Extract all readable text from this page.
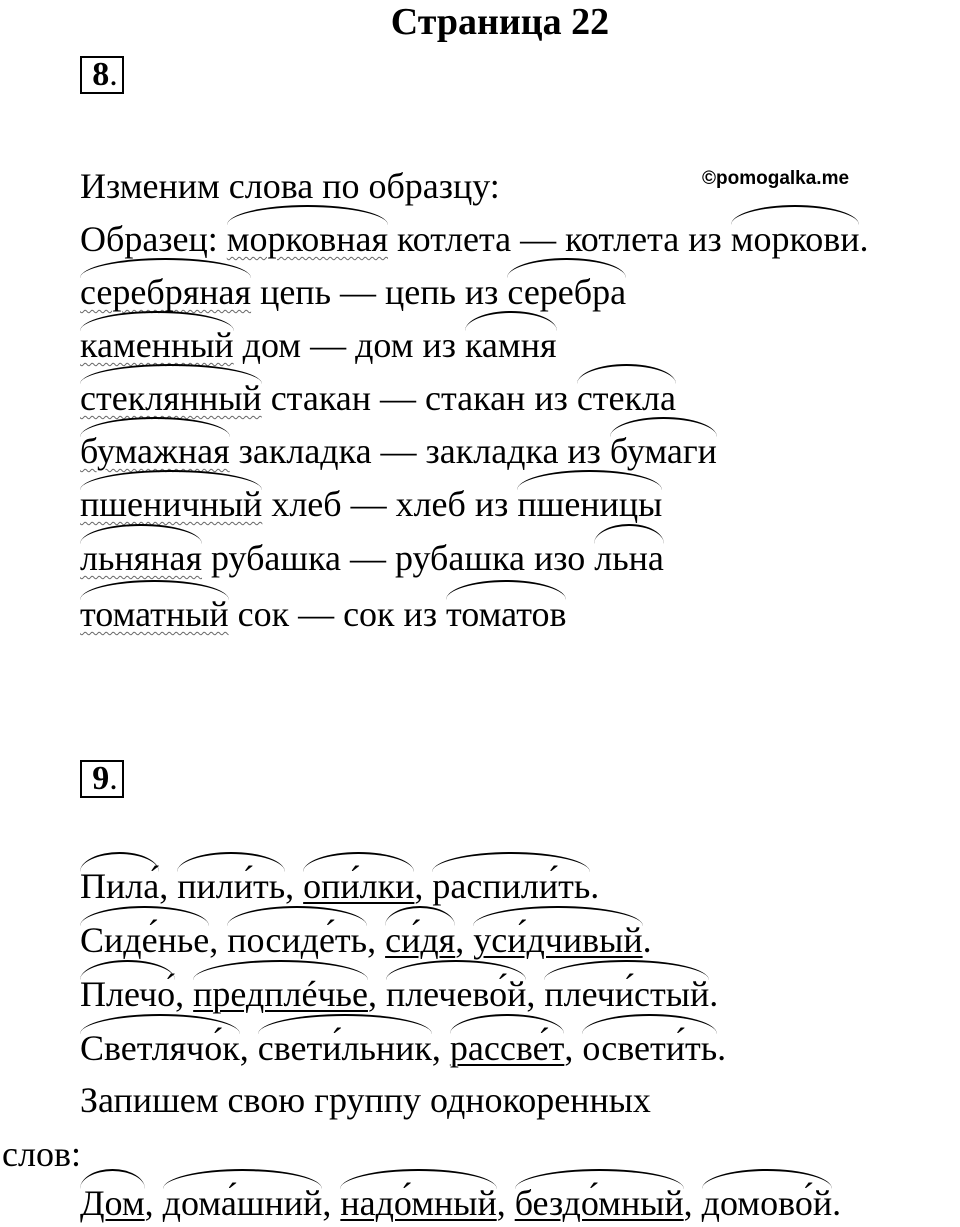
Страница 22
8.
©pomogalka.me
Изменим слова по образцу:
Образец: морковная котлета — котлета из моркови.
серебряная цепь — цепь из серебра
каменный дом — дом из камня
стеклянный стакан — стакан из стекла
бумажная закладка — закладка из бумаги
пшеничный хлеб — хлеб из пшеницы
льняная рубашка — рубашка изо льна
томатный сок — сок из томатов
9.
Пила́,
пили́ть,
опи́лки,
распили́ть.
Сиде́нье,
посиде́ть,
си́дя,
уси́дчивый.
Плечо́,
предплéчье,
плечево́й,
плечи́стый.
Светлячо́к,
свети́льник,
рассве́т,
освети́ть.
Запишем свою группу однокоренных
слов:
Дом,
дома́шний,
надо́мный,
бездо́мный,
домово́й.
